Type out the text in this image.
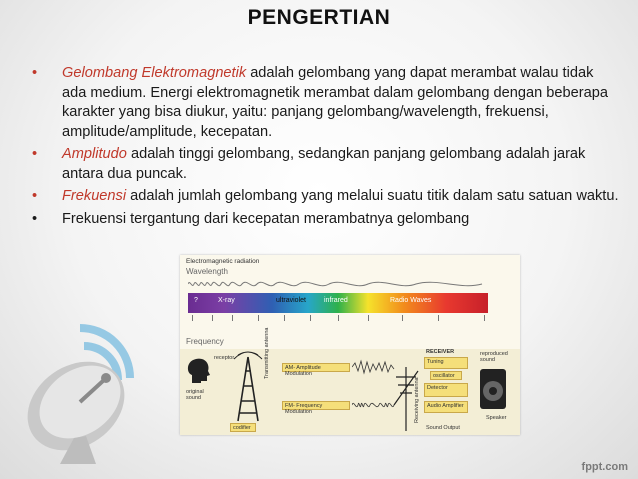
PENGERTIAN
• Gelombang Elektromagnetik adalah gelombang yang dapat merambat walau tidak ada medium. Energi elektromagnetik merambat dalam gelombang dengan beberapa karakter yang bisa diukur, yaitu: panjang gelombang/wavelength, frekuensi, amplitude/amplitude, kecepatan.
• Amplitudo adalah tinggi gelombang, sedangkan panjang gelombang adalah jarak antara dua puncak.
• Frekuensi adalah jumlah gelombang yang melalui suatu titik dalam satu satuan waktu.
• Frekuensi tergantung dari kecepatan merambatnya gelombang
Electromagnetic radiation
Wavelength
?	X-ray	ultraviolet	infrared	Radio Waves
Frequency
receptor
original sound
Transmitting antenna
codifier
AM- Amplitude Modulation
FM- Frequency Modulation	Receiving antenna
RECEIVER
Tuning
oscillator
Detector
Audio Amplifier
Sound Output
reproduced sound
Speaker
fppt.com
